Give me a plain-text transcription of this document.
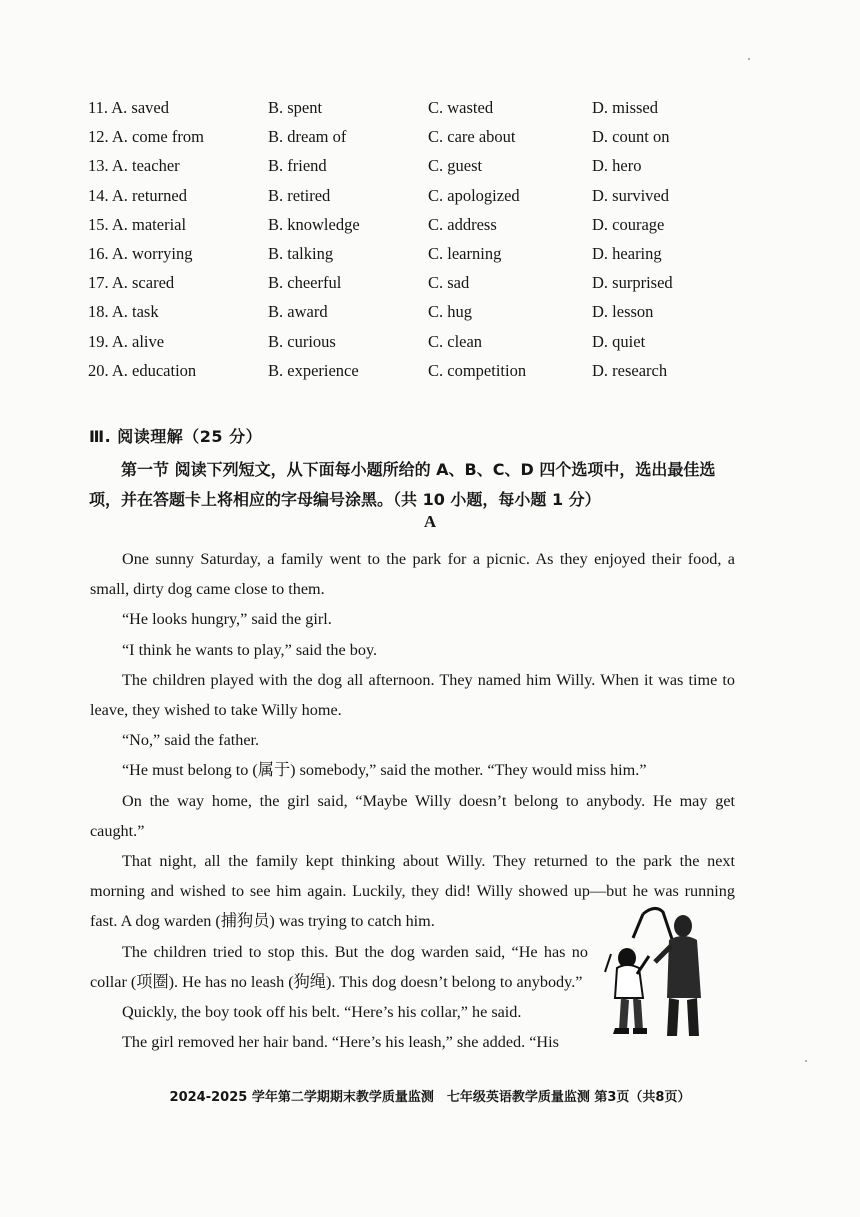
11. A. saved	B. spent	C. wasted	D. missed
12. A. come from	B. dream of	C. care about	D. count on
13. A. teacher	B. friend	C. guest	D. hero
14. A. returned	B. retired	C. apologized	D. survived
15. A. material	B. knowledge	C. address	D. courage
16. A. worrying	B. talking	C. learning	D. hearing
17. A. scared	B. cheerful	C. sad	D. surprised
18. A. task	B. award	C. hug	D. lesson
19. A. alive	B. curious	C. clean	D. quiet
20. A. education	B. experience	C. competition	D. research
Ⅲ. 阅读理解（25 分）
第一节 阅读下列短文，从下面每小题所给的 A、B、C、D 四个选项中，选出最佳选项，并在答题卡上将相应的字母编号涂黑。（共 10 小题，每小题 1 分）
A

One sunny Saturday, a family went to the park for a picnic. As they enjoyed their food, a small, dirty dog came close to them.

“He looks hungry,” said the girl.

“I think he wants to play,” said the boy.

The children played with the dog all afternoon. They named him Willy. When it was time to leave, they wished to take Willy home.

“No,” said the father.

“He must belong to (属于) somebody,” said the mother. “They would miss him.”

On the way home, the girl said, “Maybe Willy doesn’t belong to anybody. He may get caught.”

That night, all the family kept thinking about Willy. They returned to the park the next morning and wished to see him again. Luckily, they did! Willy showed up—but he was running fast. A dog warden (捕狗员) was trying to catch him.

The children tried to stop this. But the dog warden said, “He has no collar (项圈). He has no leash (狗绳). This dog doesn’t belong to anybody.”

Quickly, the boy took off his belt. “Here’s his collar,” he said.

The girl removed her hair band. “Here’s his leash,” she added. “His

2024-2025 学年第二学期期末教学质量监测　七年级英语教学质量监测 第3页（共8页）
